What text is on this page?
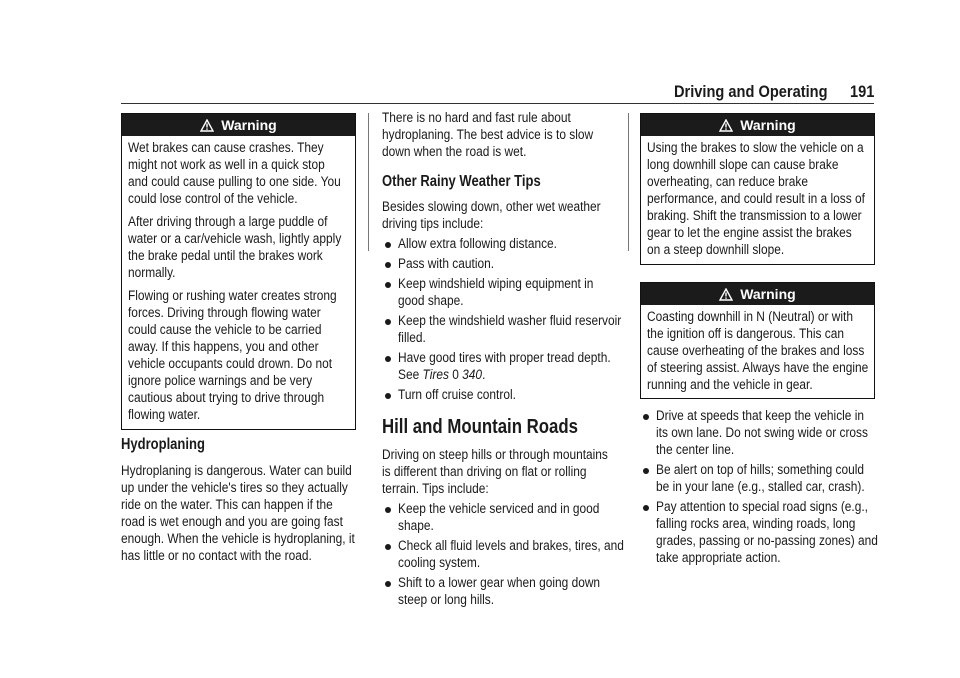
Driving and Operating 191
Warning
Wet brakes can cause crashes. They
might not work as well in a quick stop
and could cause pulling to one side. You
could lose control of the vehicle.
After driving through a large puddle of
water or a car/vehicle wash, lightly apply
the brake pedal until the brakes work
normally.
Flowing or rushing water creates strong
forces. Driving through flowing water
could cause the vehicle to be carried
away. If this happens, you and other
vehicle occupants could drown. Do not
ignore police warnings and be very
cautious about trying to drive through
flowing water.
Hydroplaning
Hydroplaning is dangerous. Water can build
up under the vehicle's tires so they actually
ride on the water. This can happen if the
road is wet enough and you are going fast
enough. When the vehicle is hydroplaning, it
has little or no contact with the road.
There is no hard and fast rule about
hydroplaning. The best advice is to slow
down when the road is wet.
Other Rainy Weather Tips
Besides slowing down, other wet weather
driving tips include:
Allow extra following distance.
Pass with caution.
Keep windshield wiping equipment in
good shape.
Keep the windshield washer fluid reservoir
filled.
Have good tires with proper tread depth.
See Tires 0 340.
Turn off cruise control.
Hill and Mountain Roads
Driving on steep hills or through mountains
is different than driving on flat or rolling
terrain. Tips include:
Keep the vehicle serviced and in good
shape.
Check all fluid levels and brakes, tires, and
cooling system.
Shift to a lower gear when going down
steep or long hills.
Warning
Using the brakes to slow the vehicle on a
long downhill slope can cause brake
overheating, can reduce brake
performance, and could result in a loss of
braking. Shift the transmission to a lower
gear to let the engine assist the brakes
on a steep downhill slope.
Warning
Coasting downhill in N (Neutral) or with
the ignition off is dangerous. This can
cause overheating of the brakes and loss
of steering assist. Always have the engine
running and the vehicle in gear.
Drive at speeds that keep the vehicle in
its own lane. Do not swing wide or cross
the center line.
Be alert on top of hills; something could
be in your lane (e.g., stalled car, crash).
Pay attention to special road signs (e.g.,
falling rocks area, winding roads, long
grades, passing or no-passing zones) and
take appropriate action.
